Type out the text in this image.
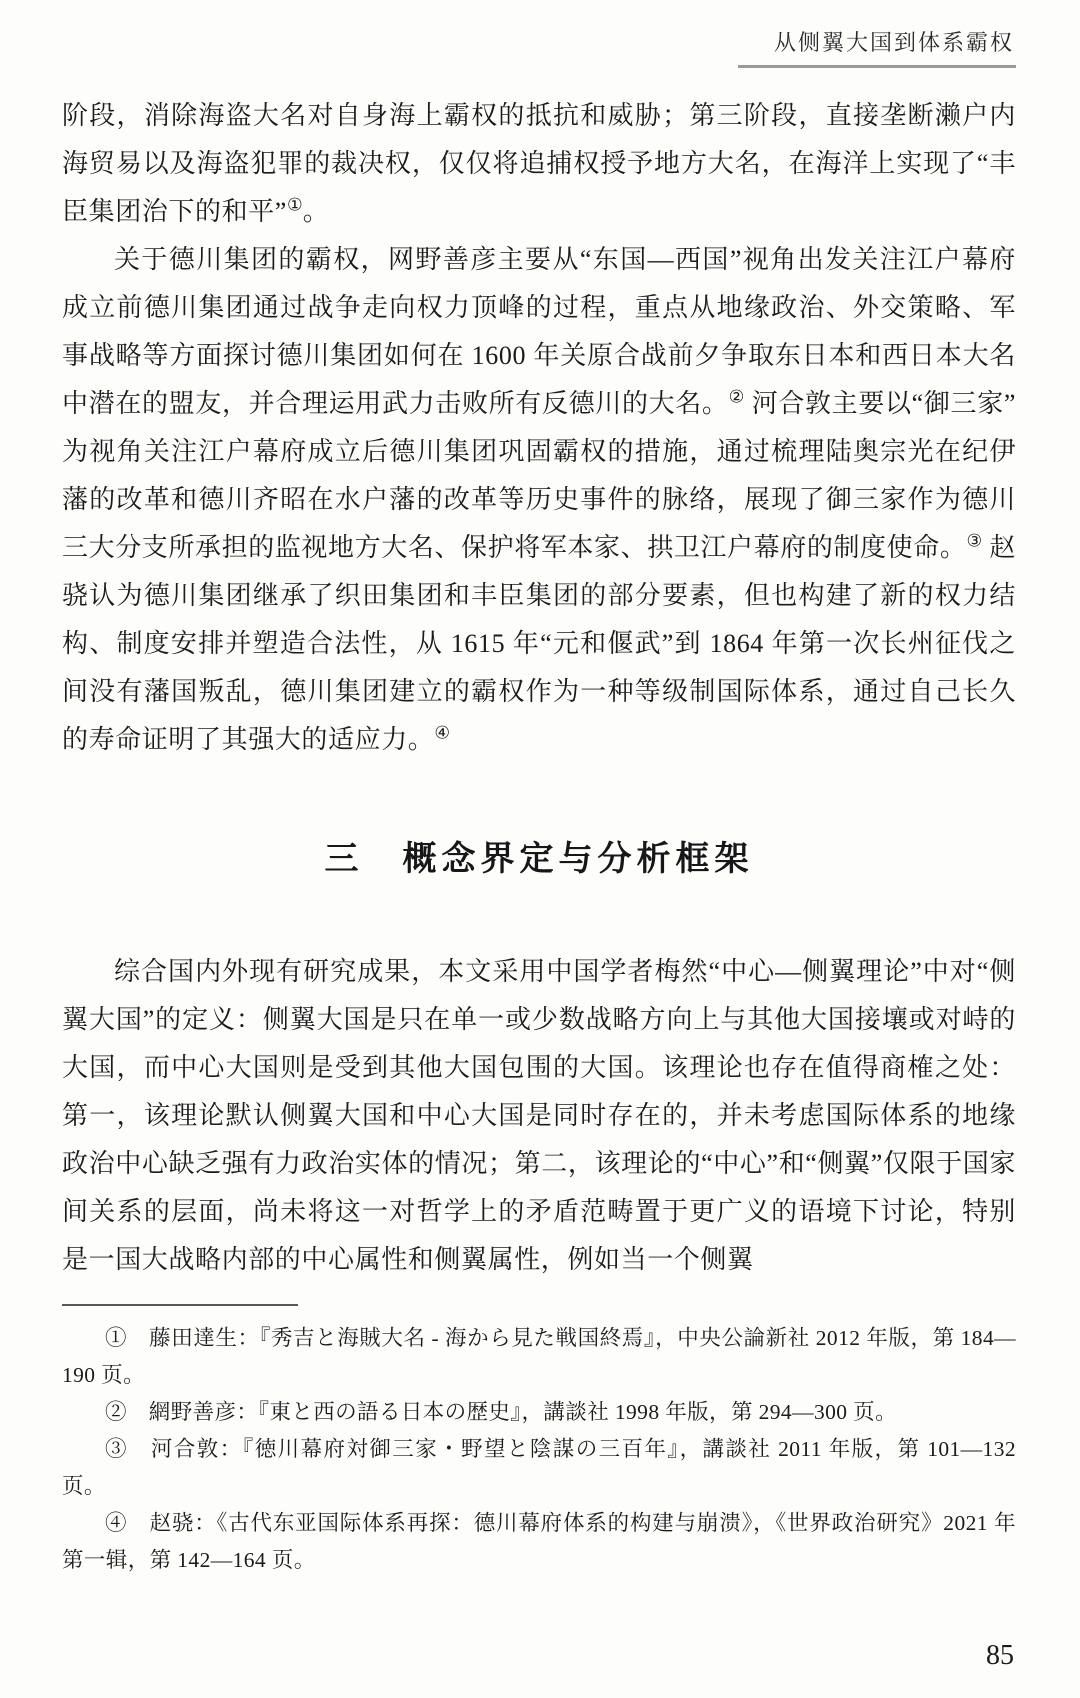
从侧翼大国到体系霸权

阶段，消除海盗大名对自身海上霸权的抵抗和威胁；第三阶段，直接垄断濑户内海贸易以及海盗犯罪的裁决权，仅仅将追捕权授予地方大名，在海洋上实现了“丰臣集团治下的和平”①。

关于德川集团的霸权，网野善彦主要从“东国—西国”视角出发关注江户幕府成立前德川集团通过战争走向权力顶峰的过程，重点从地缘政治、外交策略、军事战略等方面探讨德川集团如何在 1600 年关原合战前夕争取东日本和西日本大名中潜在的盟友，并合理运用武力击败所有反德川的大名。② 河合敦主要以“御三家”为视角关注江户幕府成立后德川集团巩固霸权的措施，通过梳理陆奥宗光在纪伊藩的改革和德川齐昭在水户藩的改革等历史事件的脉络，展现了御三家作为德川三大分支所承担的监视地方大名、保护将军本家、拱卫江户幕府的制度使命。③ 赵骁认为德川集团继承了织田集团和丰臣集团的部分要素，但也构建了新的权力结构、制度安排并塑造合法性，从 1615 年“元和偃武”到 1864 年第一次长州征伐之间没有藩国叛乱，德川集团建立的霸权作为一种等级制国际体系，通过自己长久的寿命证明了其强大的适应力。④

三　概念界定与分析框架

综合国内外现有研究成果，本文采用中国学者梅然“中心—侧翼理论”中对“侧翼大国”的定义：侧翼大国是只在单一或少数战略方向上与其他大国接壤或对峙的大国，而中心大国则是受到其他大国包围的大国。该理论也存在值得商榷之处：第一，该理论默认侧翼大国和中心大国是同时存在的，并未考虑国际体系的地缘政治中心缺乏强有力政治实体的情况；第二，该理论的“中心”和“侧翼”仅限于国家间关系的层面，尚未将这一对哲学上的矛盾范畴置于更广义的语境下讨论，特别是一国大战略内部的中心属性和侧翼属性，例如当一个侧翼

①　藤田達生：『秀吉と海賊大名 - 海から見た戦国終焉』，中央公論新社 2012 年版，第 184—190 页。

②　網野善彦：『東と西の語る日本の歴史』，講談社 1998 年版，第 294—300 页。

③　河合敦：『徳川幕府対御三家・野望と陰謀の三百年』，講談社 2011 年版，第 101—132 页。

④　赵骁：《古代东亚国际体系再探：德川幕府体系的构建与崩溃》，《世界政治研究》2021 年第一辑，第 142—164 页。

85
